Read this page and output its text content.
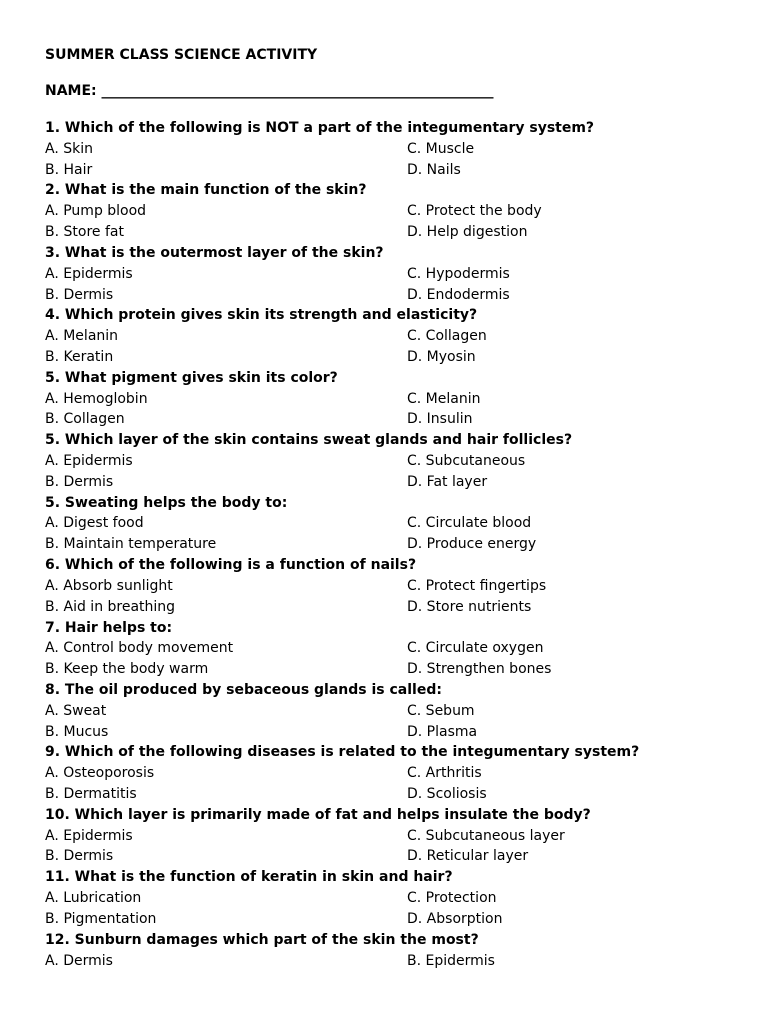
SUMMER CLASS SCIENCE ACTIVITY
NAME: ________________________________________________________
1. Which of the following is NOT a part of the integumentary system?
A. Skin	C. Muscle
B. Hair	D. Nails
2. What is the main function of the skin?
A. Pump blood	C. Protect the body
B. Store fat	D. Help digestion
3. What is the outermost layer of the skin?
A. Epidermis	C. Hypodermis
B. Dermis	D. Endodermis
4. Which protein gives skin its strength and elasticity?
A. Melanin	C. Collagen
B. Keratin	D. Myosin
5. What pigment gives skin its color?
A. Hemoglobin	C. Melanin
B. Collagen	D. Insulin
5. Which layer of the skin contains sweat glands and hair follicles?
A. Epidermis	C. Subcutaneous
B. Dermis	D. Fat layer
5. Sweating helps the body to:
A. Digest food	C. Circulate blood
B. Maintain temperature	D. Produce energy
6. Which of the following is a function of nails?
A. Absorb sunlight	C. Protect fingertips
B. Aid in breathing	D. Store nutrients
7. Hair helps to:
A. Control body movement	C. Circulate oxygen
B. Keep the body warm	D. Strengthen bones
8. The oil produced by sebaceous glands is called:
A. Sweat	C. Sebum
B. Mucus	D. Plasma
9. Which of the following diseases is related to the integumentary system?
A. Osteoporosis	C. Arthritis
B. Dermatitis	D. Scoliosis
10. Which layer is primarily made of fat and helps insulate the body?
A. Epidermis	C. Subcutaneous layer
B. Dermis	D. Reticular layer
11. What is the function of keratin in skin and hair?
A. Lubrication	C. Protection
B. Pigmentation	D. Absorption
12. Sunburn damages which part of the skin the most?
A. Dermis	B. Epidermis
